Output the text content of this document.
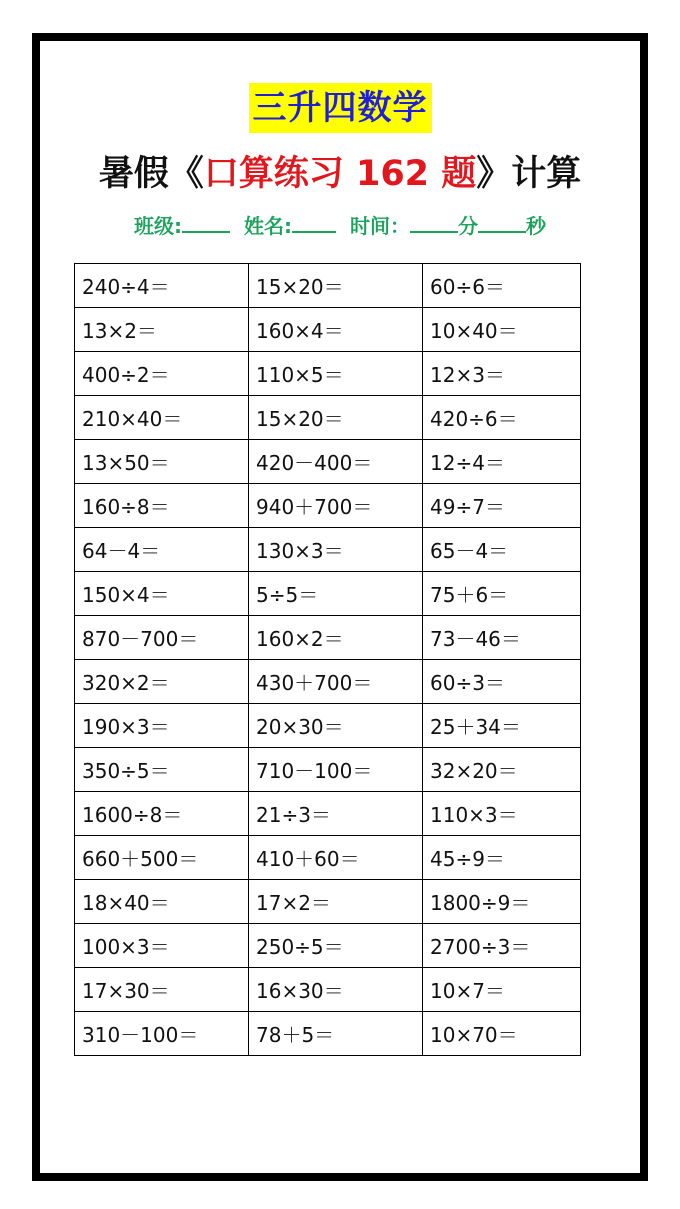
三升四数学
暑假《口算练习 162 题》计算
班级:	姓名:	时间： 分 秒
240÷4＝	15×20＝	60÷6＝
13×2＝	160×4＝	10×40＝
400÷2＝	110×5＝	12×3＝
210×40＝	15×20＝	420÷6＝
13×50＝	420－400＝	12÷4＝
160÷8＝	940＋700＝	49÷7＝
64－4＝	130×3＝	65－4＝
150×4＝	5÷5＝	75＋6＝
870－700＝	160×2＝	73－46＝
320×2＝	430＋700＝	60÷3＝
190×3＝	20×30＝	25＋34＝
350÷5＝	710－100＝	32×20＝
1600÷8＝	21÷3＝	110×3＝
660＋500＝	410＋60＝	45÷9＝
18×40＝	17×2＝	1800÷9＝
100×3＝	250÷5＝	2700÷3＝
17×30＝	16×30＝	10×7＝
310－100＝	78＋5＝	10×70＝
